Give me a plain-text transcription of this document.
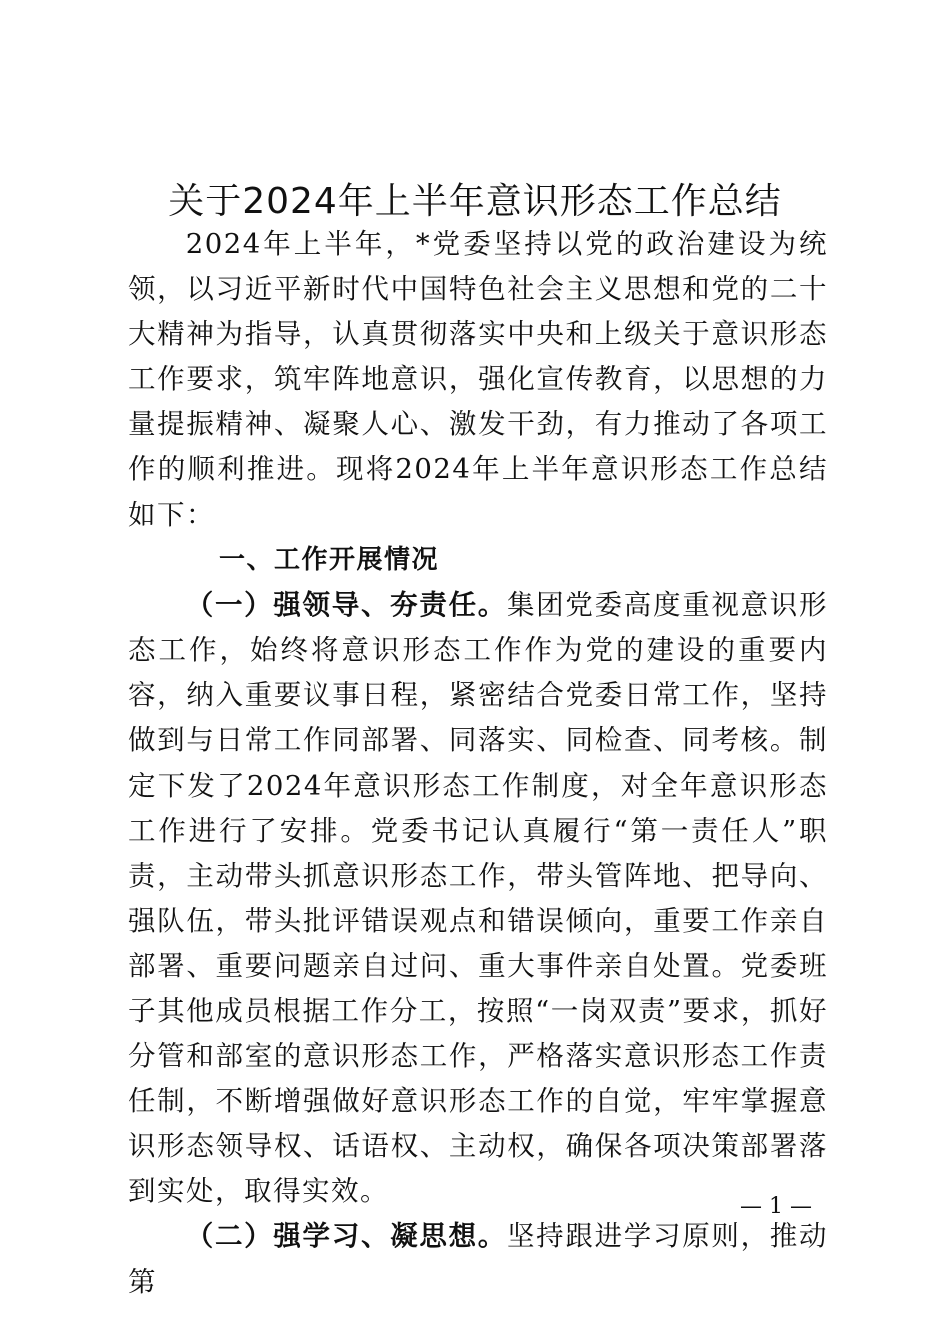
关于2024年上半年意识形态工作总结

2024年上半年，*党委坚持以党的政治建设为统领，以习近平新时代中国特色社会主义思想和党的二十大精神为指导，认真贯彻落实中央和上级关于意识形态工作要求，筑牢阵地意识，强化宣传教育，以思想的力量提振精神、凝聚人心、激发干劲，有力推动了各项工作的顺利推进。现将2024年上半年意识形态工作总结如下：

一、工作开展情况

（一）强领导、夯责任。集团党委高度重视意识形态工作，始终将意识形态工作作为党的建设的重要内容，纳入重要议事日程，紧密结合党委日常工作，坚持做到与日常工作同部署、同落实、同检查、同考核。制定下发了2024年意识形态工作制度，对全年意识形态工作进行了安排。党委书记认真履行“第一责任人”职责，主动带头抓意识形态工作，带头管阵地、把导向、强队伍，带头批评错误观点和错误倾向，重要工作亲自部署、重要问题亲自过问、重大事件亲自处置。党委班子其他成员根据工作分工，按照“一岗双责”要求，抓好分管和部室的意识形态工作，严格落实意识形态工作责任制，不断增强做好意识形态工作的自觉，牢牢掌握意识形态领导权、话语权、主动权，确保各项决策部署落到实处，取得实效。

（二）强学习、凝思想。坚持跟进学习原则，推动第

— 1 —
